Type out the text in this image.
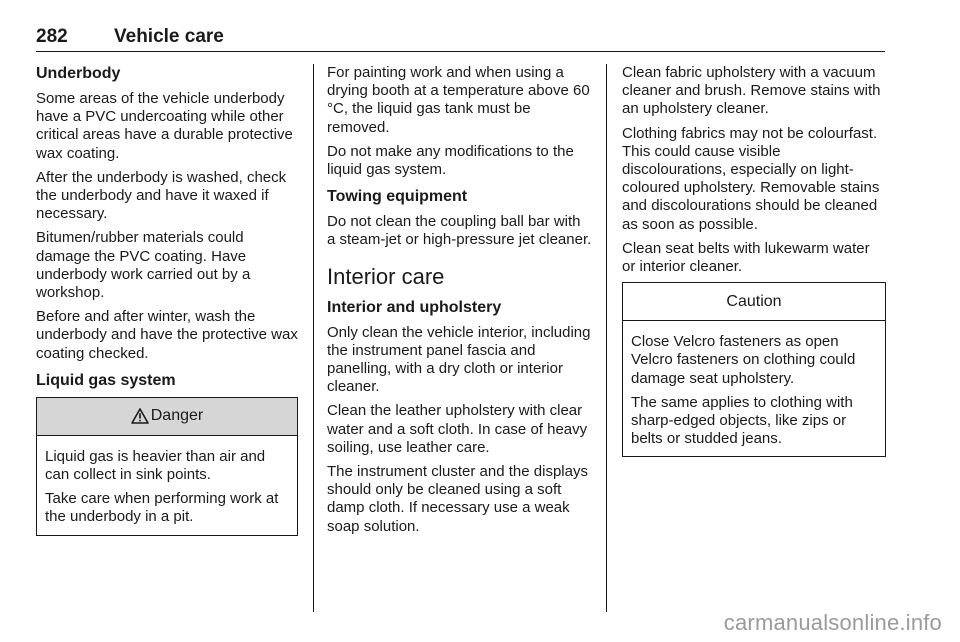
282 Vehicle care
Underbody

Some areas of the vehicle underbody have a PVC undercoating while other critical areas have a durable protective wax coating.

After the underbody is washed, check the underbody and have it waxed if necessary.

Bitumen/rubber materials could damage the PVC coating. Have underbody work carried out by a workshop.

Before and after winter, wash the underbody and have the protective wax coating checked.

Liquid gas system
Danger

Liquid gas is heavier than air and can collect in sink points.

Take care when performing work at the underbody in a pit.

For painting work and when using a drying booth at a temperature above 60 °C, the liquid gas tank must be removed.

Do not make any modifications to the liquid gas system.

Towing equipment

Do not clean the coupling ball bar with a steam-jet or high-pressure jet cleaner.

Interior care
Interior and upholstery

Only clean the vehicle interior, including the instrument panel fascia and panelling, with a dry cloth or interior cleaner.

Clean the leather upholstery with clear water and a soft cloth. In case of heavy soiling, use leather care.

The instrument cluster and the displays should only be cleaned using a soft damp cloth. If necessary use a weak soap solution.

Clean fabric upholstery with a vacuum cleaner and brush. Remove stains with an upholstery cleaner.

Clothing fabrics may not be colourfast. This could cause visible discolourations, especially on light-coloured upholstery. Removable stains and discolourations should be cleaned as soon as possible.

Clean seat belts with lukewarm water or interior cleaner.

Caution

Close Velcro fasteners as open Velcro fasteners on clothing could damage seat upholstery.

The same applies to clothing with sharp-edged objects, like zips or belts or studded jeans.

carmanualsonline.info
